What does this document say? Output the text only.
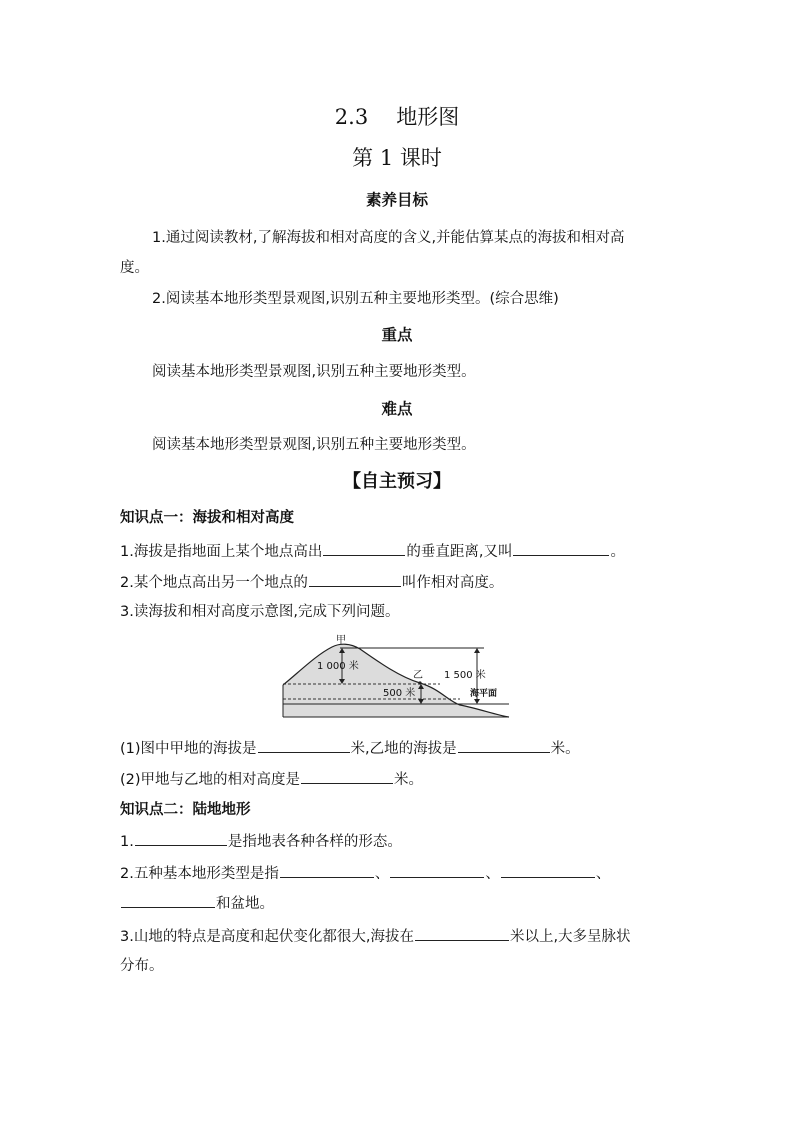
2.3 地形图
第 1 课时
素养目标
1.通过阅读教材,了解海拔和相对高度的含义,并能估算某点的海拔和相对高
度。
2.阅读基本地形类型景观图,识别五种主要地形类型。(综合思维)
重点
阅读基本地形类型景观图,识别五种主要地形类型。
难点
阅读基本地形类型景观图,识别五种主要地形类型。
【自主预习】
知识点一：海拔和相对高度
1.海拔是指地面上某个地点高出	的垂直距离,又叫	。
2.某个地点高出另一个地点的	叫作相对高度。
3.读海拔和相对高度示意图,完成下列问题。
甲
1 000 米
乙
500 米
1 500 米
海平面
(1)图中甲地的海拔是	米,乙地的海拔是	米。
(2)甲地与乙地的相对高度是	米。
知识点二：陆地地形
1.	是指地表各种各样的形态。
2.五种基本地形类型是指	、	、	、
和盆地。
3.山地的特点是高度和起伏变化都很大,海拔在	米以上,大多呈脉状
分布。
